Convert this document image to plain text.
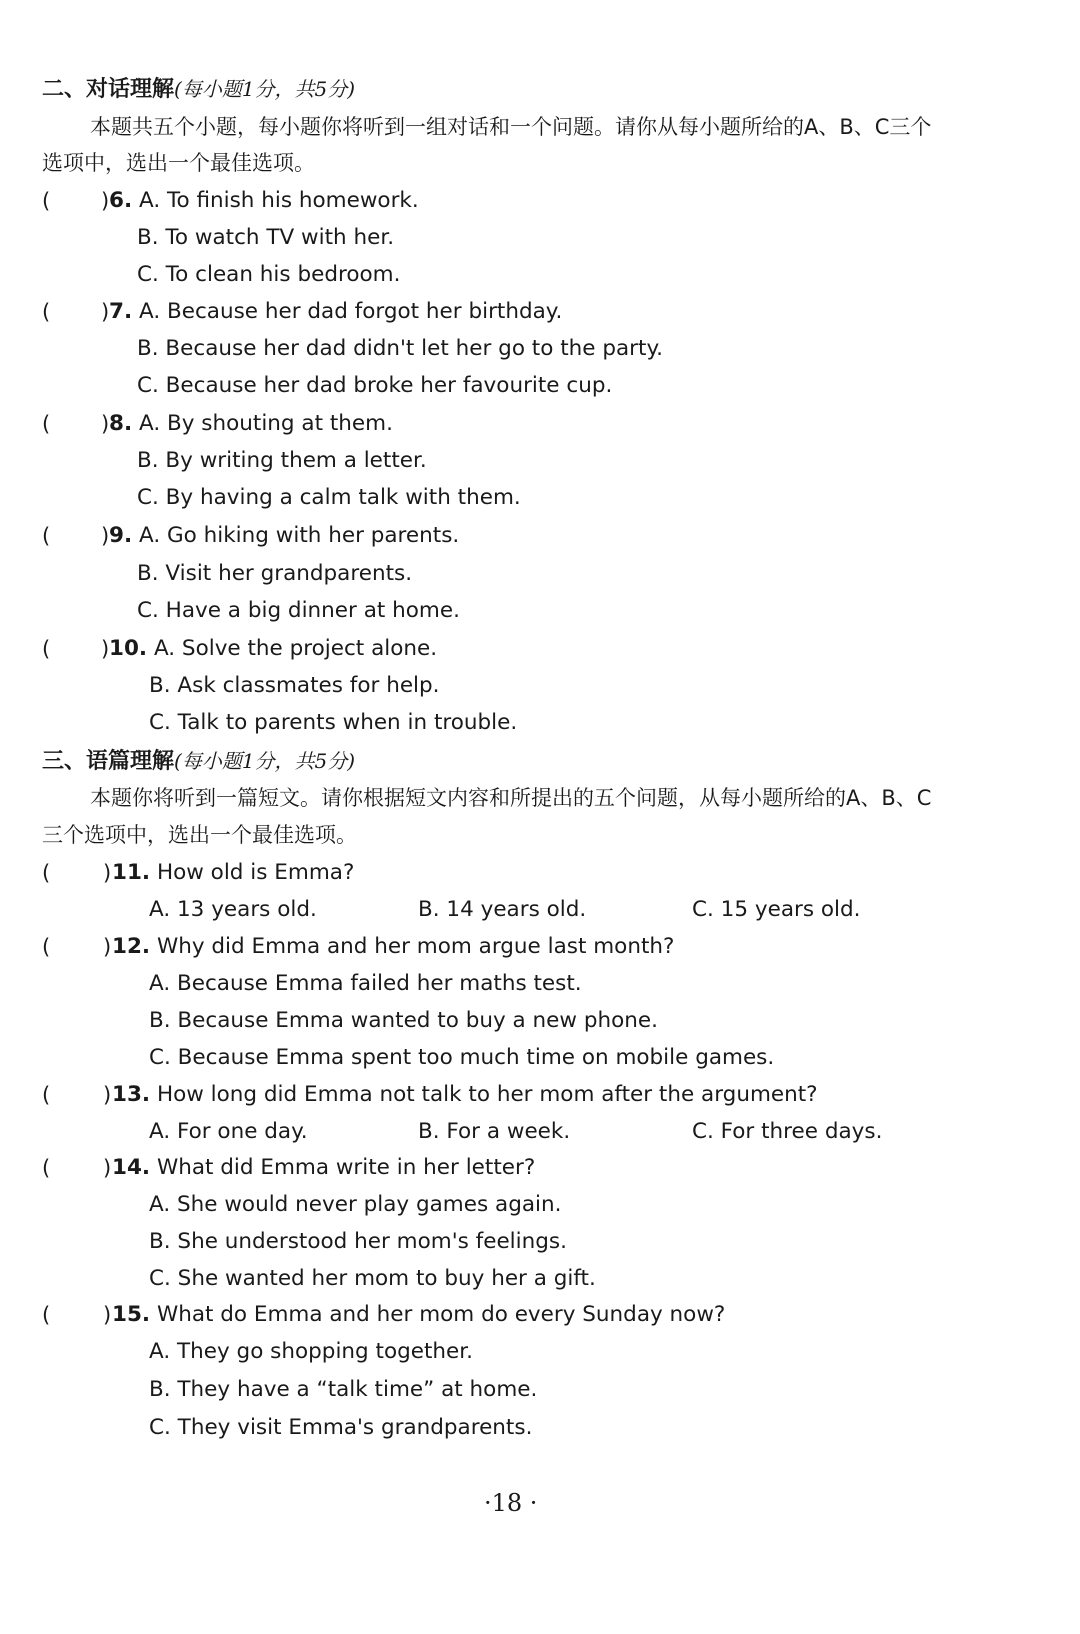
二、对话理解(每小题1分，共5分)
本题共五个小题，每小题你将听到一组对话和一个问题。请你从每小题所给的A、B、C三个
选项中，选出一个最佳选项。
( ) 6. A. To finish his homework.
B. To watch TV with her.
C. To clean his bedroom.
( ) 7. A. Because her dad forgot her birthday.
B. Because her dad didn't let her go to the party.
C. Because her dad broke her favourite cup.
( ) 8. A. By shouting at them.
B. By writing them a letter.
C. By having a calm talk with them.
( ) 9. A. Go hiking with her parents.
B. Visit her grandparents.
C. Have a big dinner at home.
( ) 10. A. Solve the project alone.
B. Ask classmates for help.
C. Talk to parents when in trouble.
三、语篇理解(每小题1分，共5分)
本题你将听到一篇短文。请你根据短文内容和所提出的五个问题，从每小题所给的A、B、C
三个选项中，选出一个最佳选项。
(	) 11. How old is Emma?
A. 13 years old.	B. 14 years old.	C. 15 years old.
(	) 12. Why did Emma and her mom argue last month?
A. Because Emma failed her maths test.
B. Because Emma wanted to buy a new phone.
C. Because Emma spent too much time on mobile games.
(	) 13. How long did Emma not talk to her mom after the argument?
A. For one day.	B. For a week.	C. For three days.
(	) 14. What did Emma write in her letter?
A. She would never play games again.
B. She understood her mom's feelings.
C. She wanted her mom to buy her a gift.
(	) 15. What do Emma and her mom do every Sunday now?
A. They go shopping together.
B. They have a “talk time” at home.
C. They visit Emma's grandparents.
·18 ·
